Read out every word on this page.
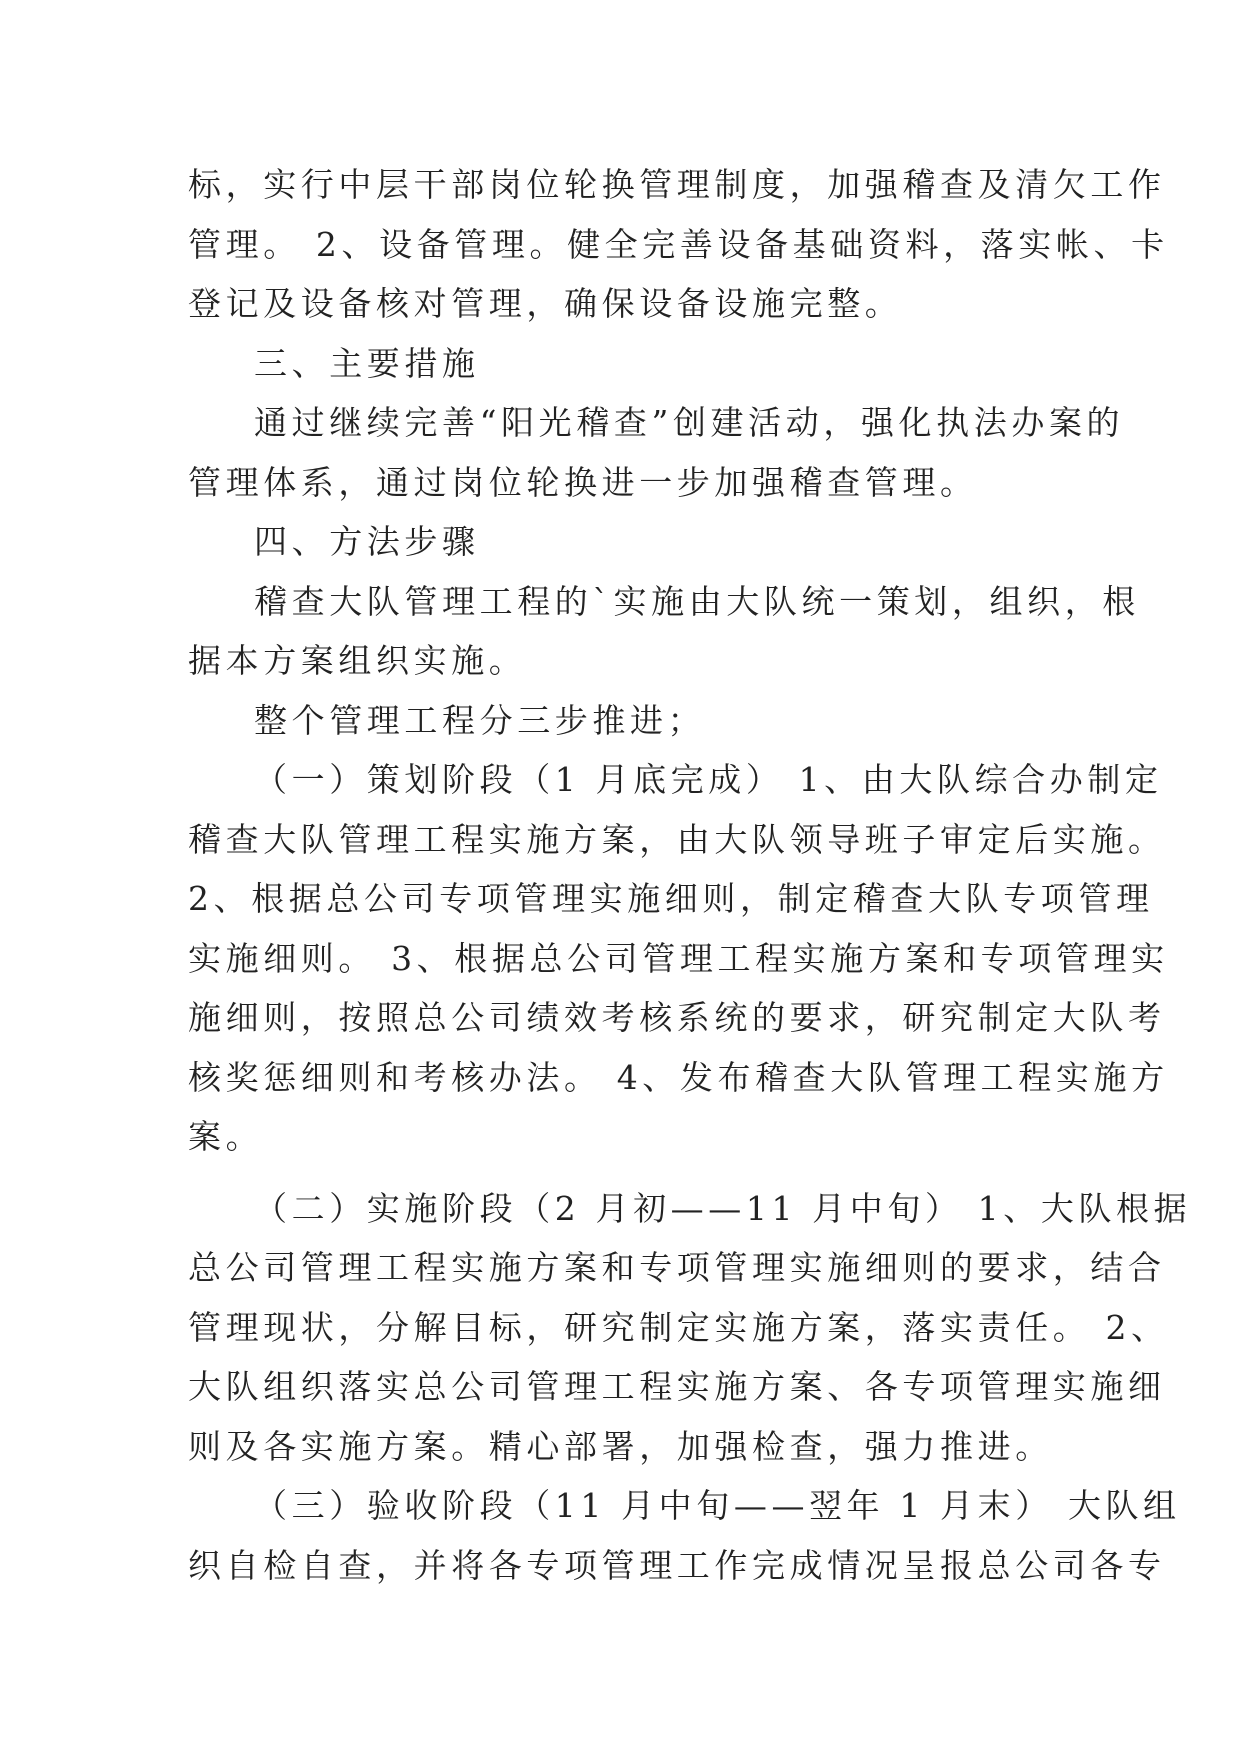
标，实行中层干部岗位轮换管理制度，加强稽查及清欠工作
管理。 2、设备管理。健全完善设备基础资料，落实帐、卡
登记及设备核对管理，确保设备设施完整。
三、主要措施
通过继续完善“阳光稽查”创建活动，强化执法办案的
管理体系，通过岗位轮换进一步加强稽查管理。
四、方法步骤
稽查大队管理工程的`实施由大队统一策划，组织，根
据本方案组织实施。
整个管理工程分三步推进；
（一）策划阶段（1 月底完成） 1、由大队综合办制定
稽查大队管理工程实施方案，由大队领导班子审定后实施。
2、根据总公司专项管理实施细则，制定稽查大队专项管理
实施细则。 3、根据总公司管理工程实施方案和专项管理实
施细则，按照总公司绩效考核系统的要求，研究制定大队考
核奖惩细则和考核办法。 4、发布稽查大队管理工程实施方
案。
（二）实施阶段（2 月初——11 月中旬） 1、大队根据
总公司管理工程实施方案和专项管理实施细则的要求，结合
管理现状，分解目标，研究制定实施方案，落实责任。 2、
大队组织落实总公司管理工程实施方案、各专项管理实施细
则及各实施方案。精心部署，加强检查，强力推进。
（三）验收阶段（11 月中旬——翌年 1 月末） 大队组
织自检自查，并将各专项管理工作完成情况呈报总公司各专
